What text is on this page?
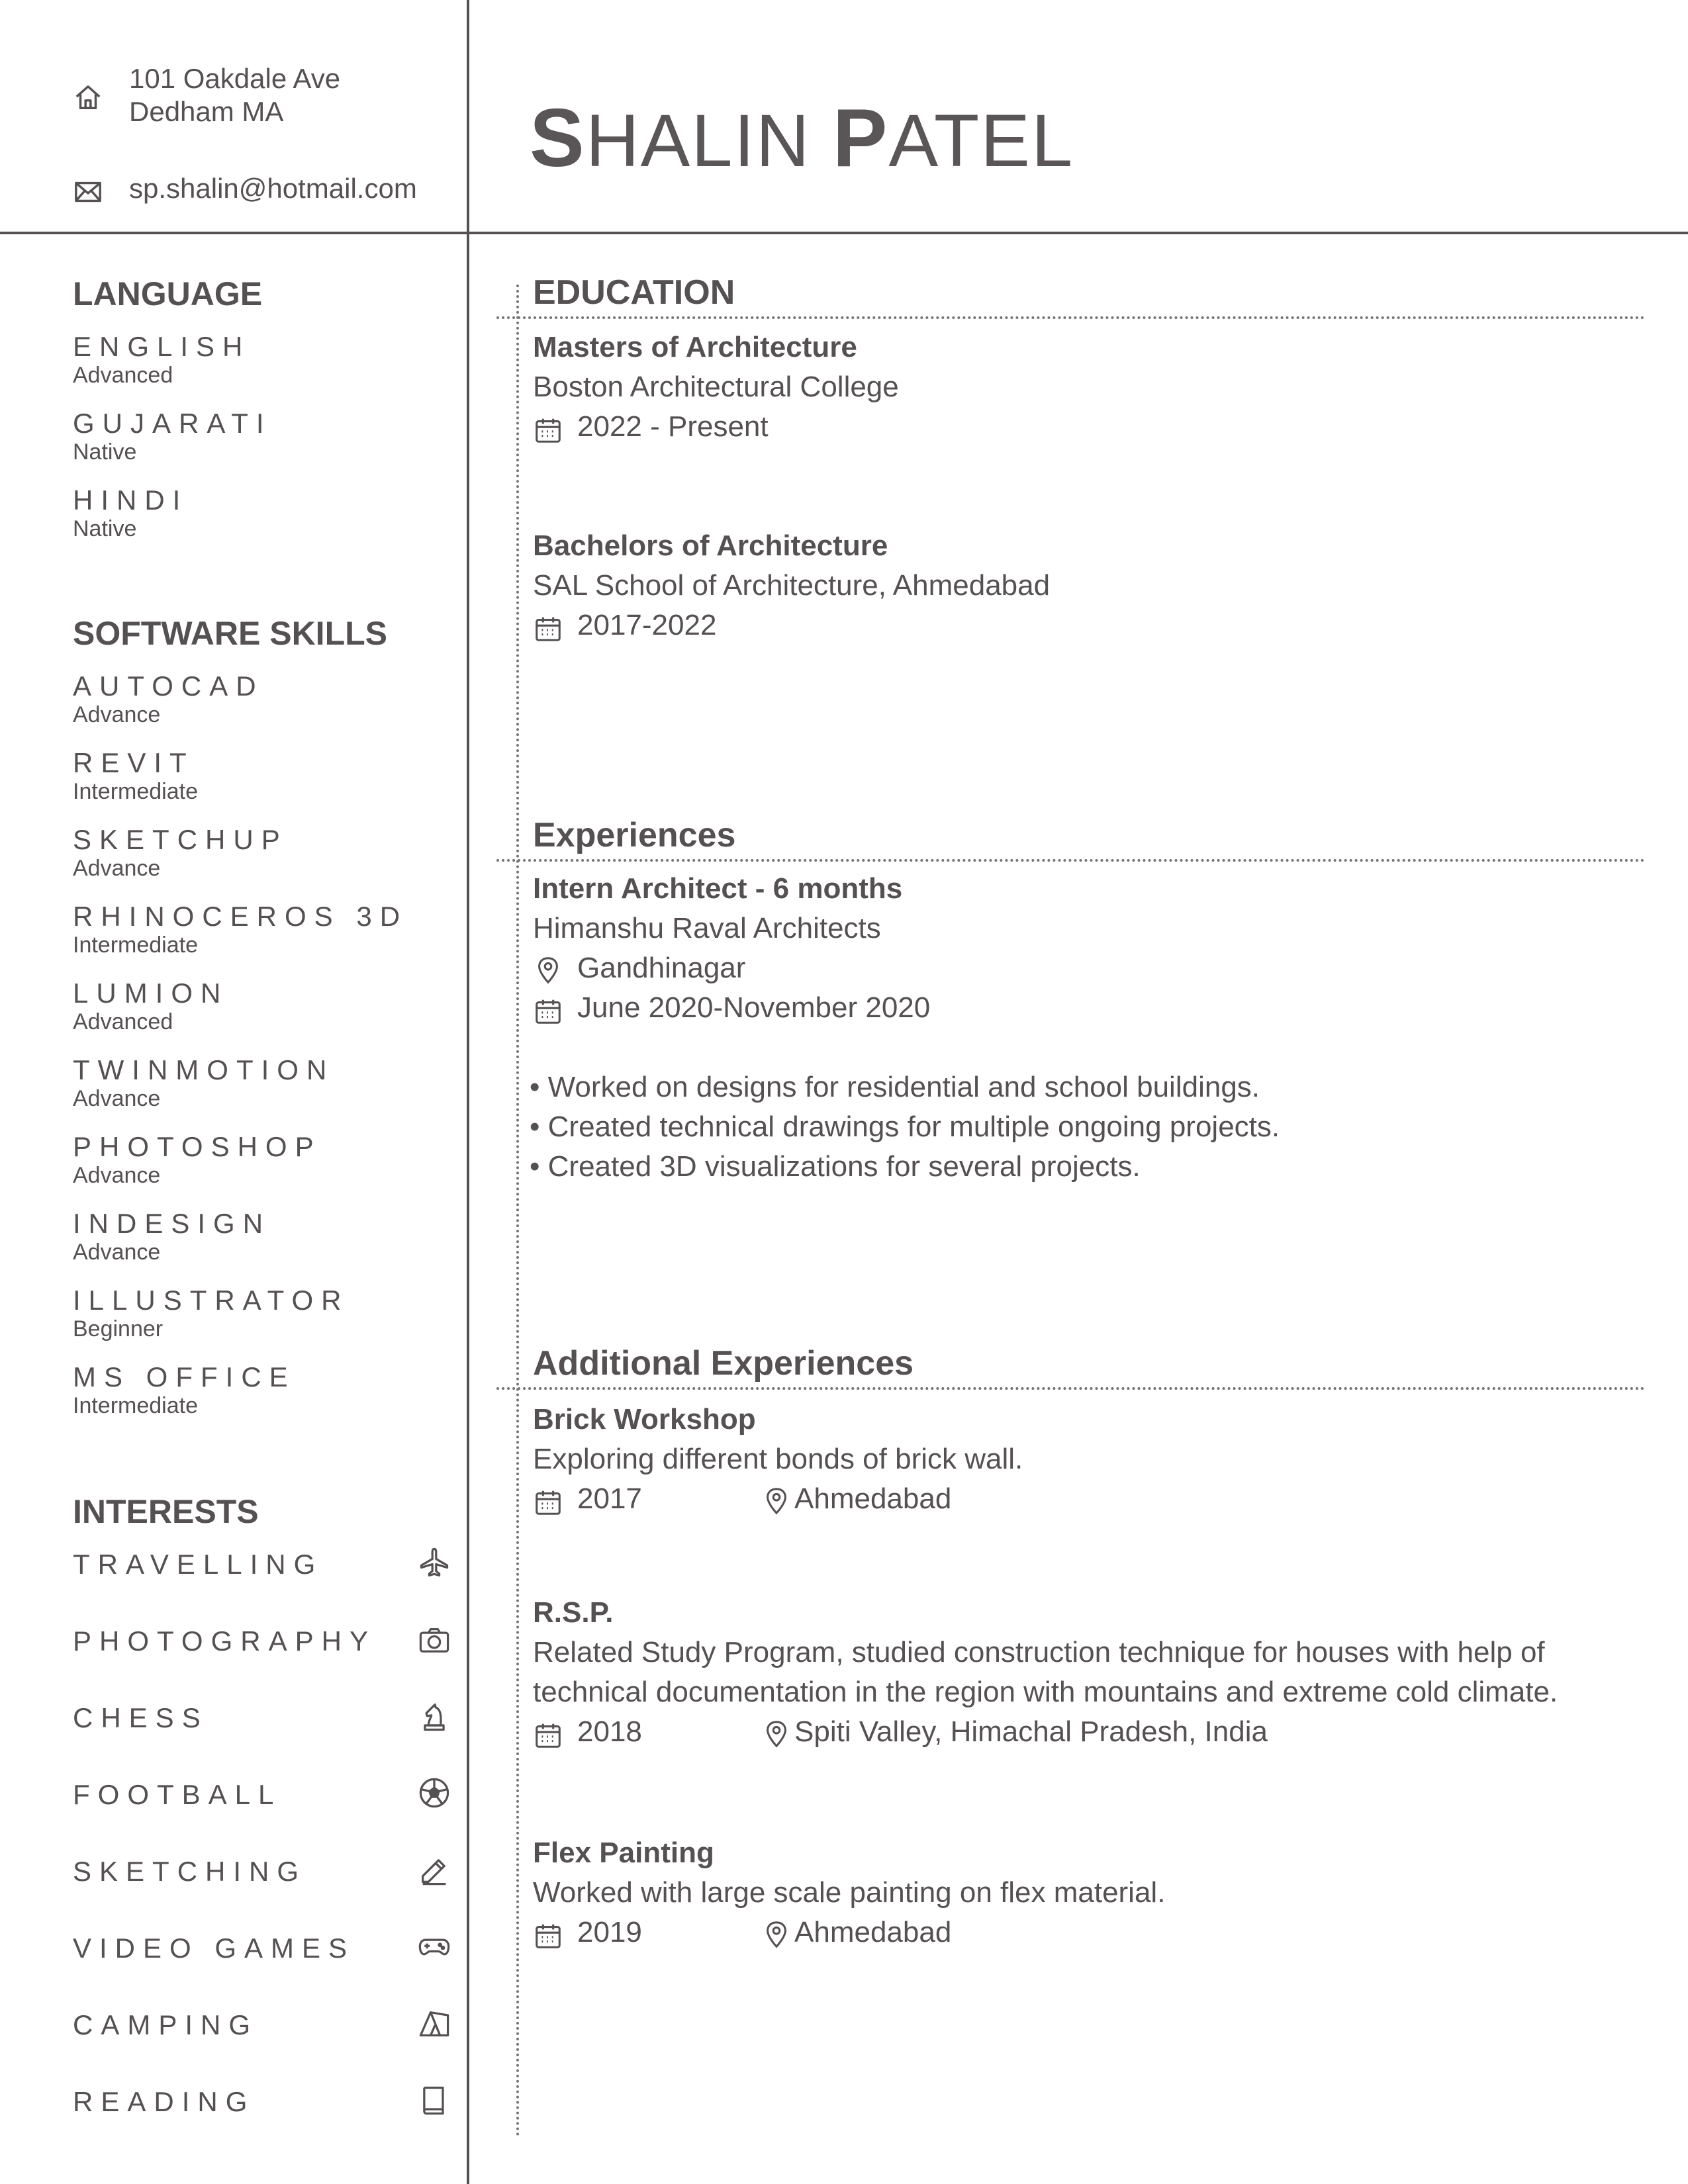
101 Oakdale Ave
Dedham MA
sp.shalin@hotmail.com
SHALIN PATEL
LANGUAGE
ENGLISH
Advanced
GUJARATI
Native
HINDI
Native
SOFTWARE SKILLS
AUTOCAD
Advance
REVIT
Intermediate
SKETCHUP
Advance
RHINOCEROS 3D
Intermediate
LUMION
Advanced
TWINMOTION
Advance
PHOTOSHOP
Advance
INDESIGN
Advance
ILLUSTRATOR
Beginner
MS OFFICE
Intermediate
INTERESTS
TRAVELLING
PHOTOGRAPHY
CHESS
FOOTBALL
SKETCHING
VIDEO GAMES
CAMPING
READING
EDUCATION
Masters of Architecture
Boston Architectural College
2022 - Present
Bachelors of Architecture
SAL School of Architecture, Ahmedabad
2017-2022
Experiences
Intern Architect - 6 months
Himanshu Raval Architects
Gandhinagar
June 2020-November 2020
• Worked on designs for residential and school buildings.
• Created technical drawings for multiple ongoing projects.
• Created 3D visualizations for several projects.
Additional Experiences
Brick Workshop
Exploring different bonds of brick wall.
2017	Ahmedabad
R.S.P.
Related Study Program, studied construction technique for houses with help of
technical documentation in the region with mountains and extreme cold climate.
2018	Spiti Valley, Himachal Pradesh, India
Flex Painting
Worked with large scale painting on flex material.
2019	Ahmedabad
